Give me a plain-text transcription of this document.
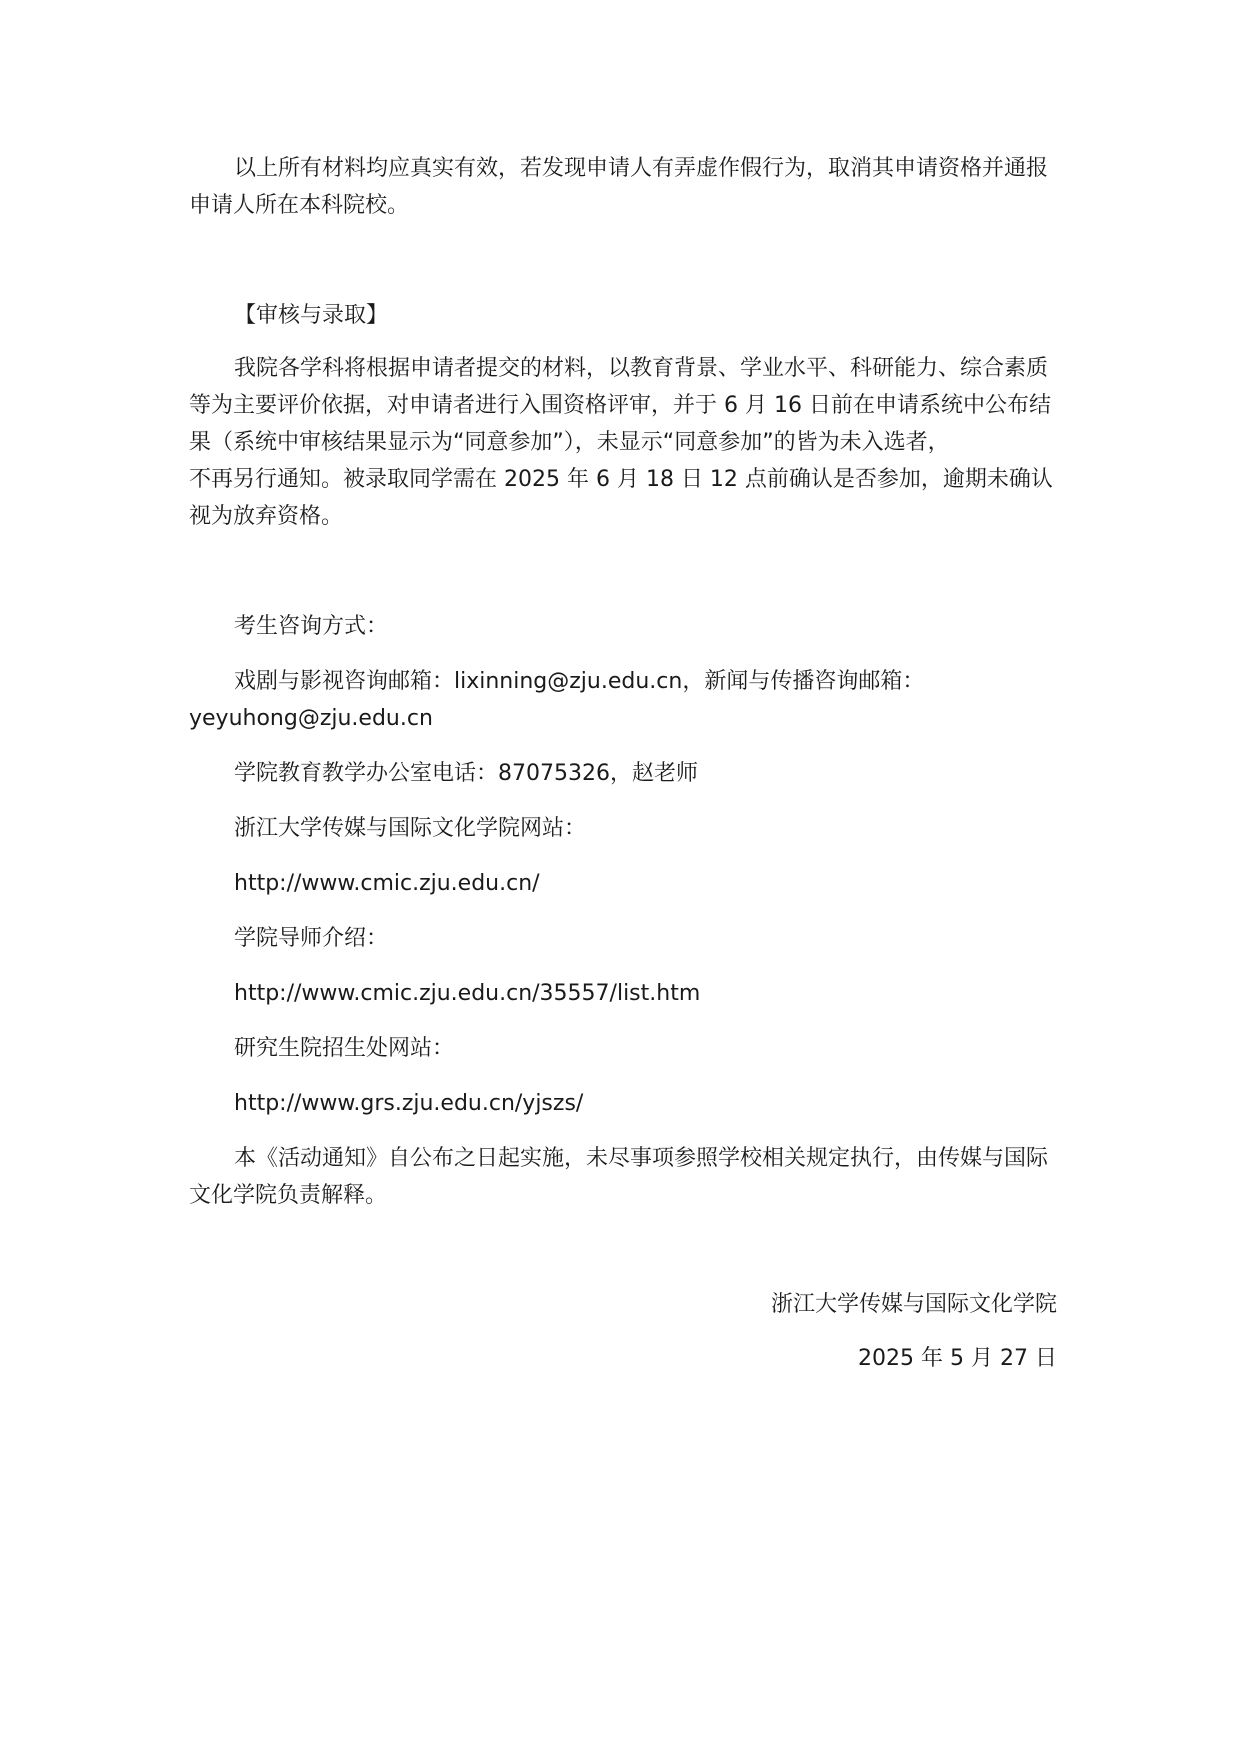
以上所有材料均应真实有效，若发现申请人有弄虚作假行为，取消其申请资格并通报申请人所在本科院校。

【审核与录取】

我院各学科将根据申请者提交的材料，以教育背景、学业水平、科研能力、综合素质等为主要评价依据，对申请者进行入围资格评审，并于 6 月 16 日前在申请系统中公布结果（系统中审核结果显示为“同意参加”），未显示“同意参加”的皆为未入选者，

不再另行通知。被录取同学需在 2025 年 6 月 18 日 12 点前确认是否参加，逾期未确认视为放弃资格。

考生咨询方式：

戏剧与影视咨询邮箱：lixinning@zju.edu.cn，新闻与传播咨询邮箱：
yeyuhong@zju.edu.cn

学院教育教学办公室电话：87075326，赵老师

浙江大学传媒与国际文化学院网站：

http://www.cmic.zju.edu.cn/

学院导师介绍：

http://www.cmic.zju.edu.cn/35557/list.htm

研究生院招生处网站：

http://www.grs.zju.edu.cn/yjszs/

本《活动通知》自公布之日起实施，未尽事项参照学校相关规定执行，由传媒与国际文化学院负责解释。

浙江大学传媒与国际文化学院

2025 年 5 月 27 日
